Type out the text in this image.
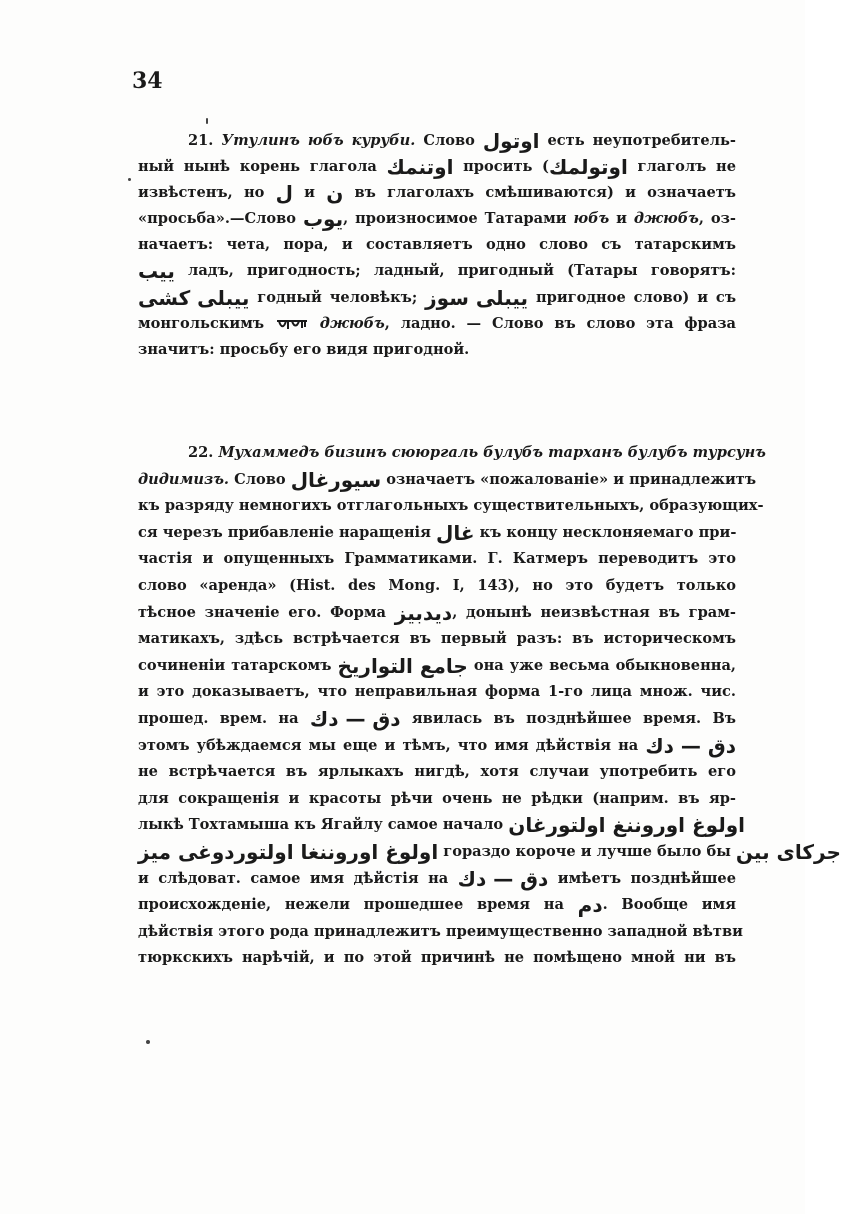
34
21. Утулинъ юбъ куруби. Слово اوتول есть неупотребитель-
ный нынѣ корень глагола اوتنمك просить (اوتولمك глаголъ не
извѣстенъ, но ل и ن въ глаголахъ смѣшиваются) и означаетъ
«просьба».—Слово يوب, произносимое Татарами юбъ и джюбъ, оз-
начаетъ: чета, пора, и составляетъ одно слово съ татарскимъ
ييب ладъ, пригодность; ладный, пригодный (Татары говорятъ:
ييبلى كشى годный человѣкъ; ييبلى سوز пригодное слово) и съ
монгольскимъ	джюбъ, ладно. — Слово въ слово эта фраза
значитъ: просьбу его видя пригодной.
22. Мухаммедъ бизинъ сююргаль булубъ тарханъ булубъ турсунъ
дидимизъ. Слово سيورغال означаетъ «пожалованіе» и принадлежитъ
къ разряду немногихъ отглагольныхъ существительныхъ, образующих-
ся черезъ прибавленіе наращенія غال къ концу несклоняемаго при-
частія и опущенныхъ Грамматиками. Г. Катмеръ переводитъ это
слово «аренда» (Hist. des Mong. I, 143), но это будетъ только
тѣсное значеніе его. Форма ديدبيز, донынѣ неизвѣстная въ грам-
матикахъ, здѣсь встрѣчается въ первый разъ: въ историческомъ
сочиненіи татарскомъ جامع التواريخ она уже весьма обыкновенна,
и это доказываетъ, что неправильная форма 1-го лица множ. чис.
прошед. врем. на دق — دك явилась въ позднѣйшее время. Въ
этомъ убѣждаемся мы еще и тѣмъ, что имя дѣйствія на دق — دك
не встрѣчается въ ярлыкахъ нигдѣ, хотя случаи употребить его
для сокращенія и красоты рѣчи очень не рѣдки (наприм. въ яр-
лыкѣ Тохтамыша къ Ягайлу самое начало اولوغ اوروننغ اولتورغان
اولوغ اوروننغا اولتوردوغى ميز гораздо короче и лучше было бы جركاى بين
и слѣдоват. самое имя дѣйстія на دق — دك имѣетъ позднѣйшее
происхожденіе, нежели прошедшее время на دم. Вообще имя
дѣйствія этого рода принадлежитъ преимущественно западной вѣтви
тюркскихъ нарѣчій, и по этой причинѣ не помѣщено мной ни въ
